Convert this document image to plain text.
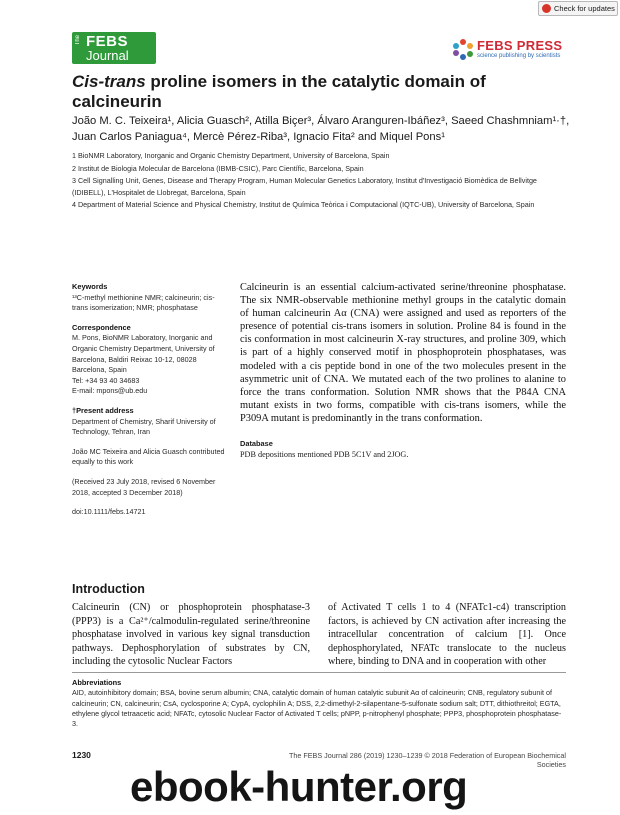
Check for updates
The FEBS
Journal
FEBS PRESS
science publishing by scientists
Cis-trans proline isomers in the catalytic domain of calcineurin
João M. C. Teixeira¹, Alicia Guasch², Atilla Biçer³, Álvaro Aranguren-Ibáñez³, Saeed Chashmniam¹·†, Juan Carlos Paniagua⁴, Mercè Pérez-Riba³, Ignacio Fita² and Miquel Pons¹

1 BioNMR Laboratory, Inorganic and Organic Chemistry Department, University of Barcelona, Spain

2 Institut de Biologia Molecular de Barcelona (IBMB-CSIC), Parc Científic, Barcelona, Spain

3 Cell Signalling Unit, Genes, Disease and Therapy Program, Human Molecular Genetics Laboratory, Institut d'Investigació Biomèdica de Bellvitge (IDIBELL), L'Hospitalet de Llobregat, Barcelona, Spain

4 Department of Material Science and Physical Chemistry, Institut de Química Teòrica i Computacional (IQTC-UB), University of Barcelona, Spain

Keywords

¹³C-methyl methionine NMR; calcineurin; cis-trans isomerization; NMR; phosphatase

Correspondence

M. Pons, BioNMR Laboratory, Inorganic and Organic Chemistry Department, University of Barcelona, Baldiri Reixac 10-12, 08028 Barcelona, Spain

Tel: +34 93 40 34683

E-mail: mpons@ub.edu

†Present address

Department of Chemistry, Sharif University of Technology, Tehran, Iran

João MC Teixeira and Alicia Guasch contributed equally to this work

(Received 23 July 2018, revised 6 November 2018, accepted 3 December 2018)

doi:10.1111/febs.14721

Calcineurin is an essential calcium-activated serine/threonine phosphatase. The six NMR-observable methionine methyl groups in the catalytic domain of human calcineurin Aα (CNA) were assigned and used as reporters of the presence of potential cis-trans isomers in solution. Proline 84 is found in the cis conformation in most calcineurin X-ray structures, and proline 309, which is part of a highly conserved motif in phosphoprotein phosphatases, was modeled with a cis peptide bond in one of the two molecules present in the asymmetric unit of CNA. We mutated each of the two prolines to alanine to force the trans conformation. Solution NMR shows that the P84A CNA mutant exists in two forms, compatible with cis-trans isomers, while the P309A mutant is predominantly in the trans conformation.
Database
PDB depositions mentioned PDB 5C1V and 2JOG.
Introduction
Calcineurin (CN) or phosphoprotein phosphatase-3 (PPP3) is a Ca²⁺/calmodulin-regulated serine/threonine phosphatase involved in various key signal transduction pathways. Dephosphorylation of substrates by CN, including the cytosolic Nuclear Factors
of Activated T cells 1 to 4 (NFATc1-c4) transcription factors, is achieved by CN activation after increasing the intracellular concentration of calcium [1]. Once dephosphorylated, NFATc translocate to the nucleus where, binding to DNA and in cooperation with other
Abbreviations
AID, autoinhibitory domain; BSA, bovine serum albumin; CNA, catalytic domain of human catalytic subunit Aα of calcineurin; CNB, regulatory subunit of calcineurin; CN, calcineurin; CsA, cyclosporine A; CypA, cyclophilin A; DSS, 2,2-dimethyl-2-silapentane-5-sulfonate sodium salt; DTT, dithiothreitol; EGTA, ethylene glycol tetraacetic acid; NFATc, cytosolic Nuclear Factor of Activated T cells; pNPP, p-nitrophenyl phosphate; PPP3, phosphoprotein phosphatase-3.
1230	The FEBS Journal 286 (2019) 1230–1239 © 2018 Federation of European Biochemical Societies
ebook-hunter.org
